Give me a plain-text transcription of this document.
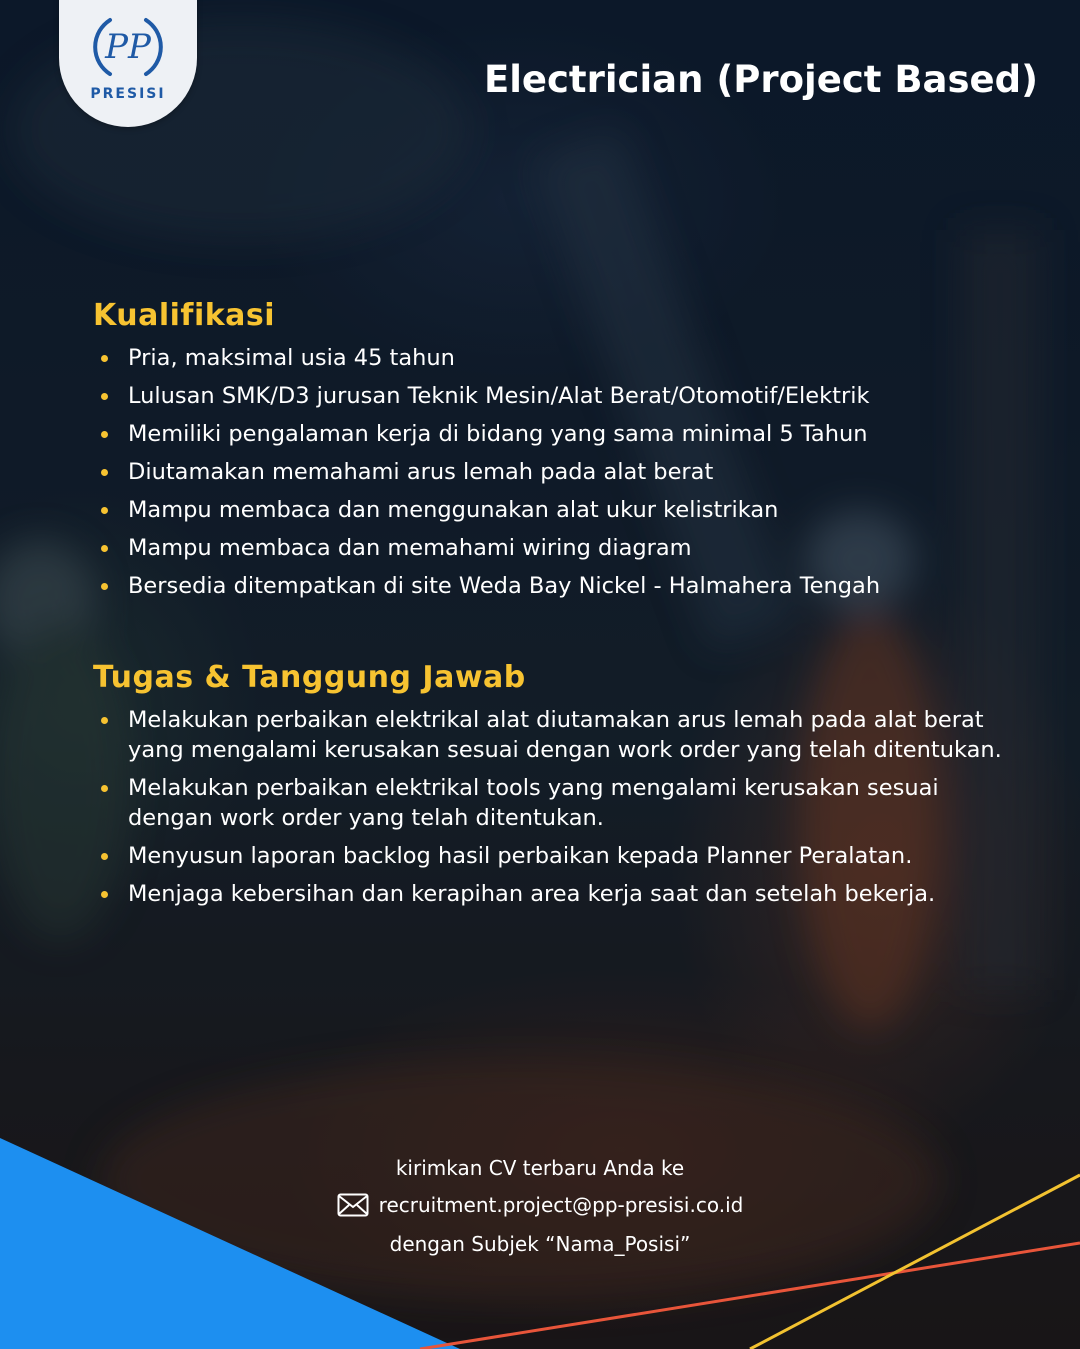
PP
PRESISI	Electrician (Project Based)
Kualifikasi
Pria, maksimal usia 45 tahun
Lulusan SMK/D3 jurusan Teknik Mesin/Alat Berat/Otomotif/Elektrik
Memiliki pengalaman kerja di bidang yang sama minimal 5 Tahun
Diutamakan memahami arus lemah pada alat berat
Mampu membaca dan menggunakan alat ukur kelistrikan
Mampu membaca dan memahami wiring diagram
Bersedia ditempatkan di site Weda Bay Nickel - Halmahera Tengah
Tugas & Tanggung Jawab
Melakukan perbaikan elektrikal alat diutamakan arus lemah pada alat berat yang mengalami kerusakan sesuai dengan work order yang telah ditentukan.
Melakukan perbaikan elektrikal tools yang mengalami kerusakan sesuai dengan work order yang telah ditentukan.
Menyusun laporan backlog hasil perbaikan kepada Planner Peralatan.
Menjaga kebersihan dan kerapihan area kerja saat dan setelah bekerja.
kirimkan CV terbaru Anda ke
recruitment.project@pp-presisi.co.id
dengan Subjek “Nama_Posisi”
